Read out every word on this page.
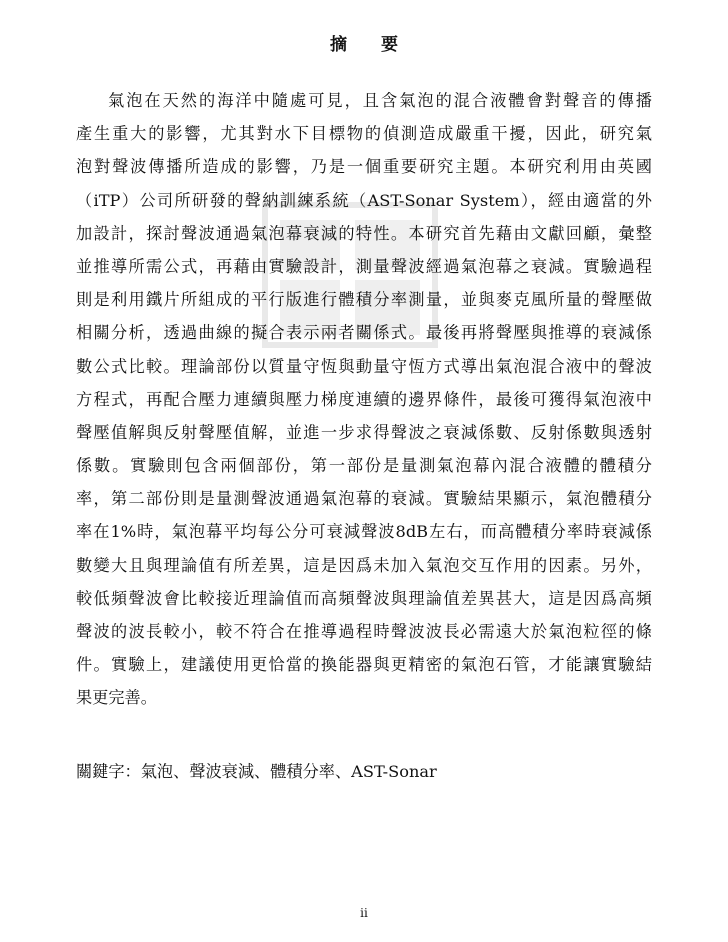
摘 要
氣泡在天然的海洋中隨處可見，且含氣泡的混合液體會對聲音的傳播
產生重大的影響，尤其對水下目標物的偵測造成嚴重干擾，因此，研究氣
泡對聲波傳播所造成的影響，乃是一個重要研究主題。本研究利用由英國
（iTP）公司所研發的聲納訓練系統（AST-Sonar System），經由適當的外
加設計，探討聲波通過氣泡幕衰減的特性。本研究首先藉由文獻回顧，彙整
並推導所需公式，再藉由實驗設計，測量聲波經過氣泡幕之衰減。實驗過程
則是利用鐵片所組成的平行版進行體積分率測量，並與麥克風所量的聲壓做
相關分析，透過曲線的擬合表示兩者關係式。最後再將聲壓與推導的衰減係
數公式比較。理論部份以質量守恆與動量守恆方式導出氣泡混合液中的聲波
方程式，再配合壓力連續與壓力梯度連續的邊界條件，最後可獲得氣泡液中
聲壓值解與反射聲壓值解，並進一步求得聲波之衰減係數、反射係數與透射
係數。實驗則包含兩個部份，第一部份是量測氣泡幕內混合液體的體積分
率，第二部份則是量測聲波通過氣泡幕的衰減。實驗結果顯示，氣泡體積分
率在1%時，氣泡幕平均每公分可衰減聲波8dB左右，而高體積分率時衰減係
數變大且與理論值有所差異，這是因爲未加入氣泡交互作用的因素。另外，
較低頻聲波會比較接近理論值而高頻聲波與理論值差異甚大，這是因爲高頻
聲波的波長較小，較不符合在推導過程時聲波波長必需遠大於氣泡粒徑的條
件。實驗上，建議使用更恰當的換能器與更精密的氣泡石管，才能讓實驗結
果更完善。
關鍵字：氣泡、聲波衰減、體積分率、AST-Sonar
ii
